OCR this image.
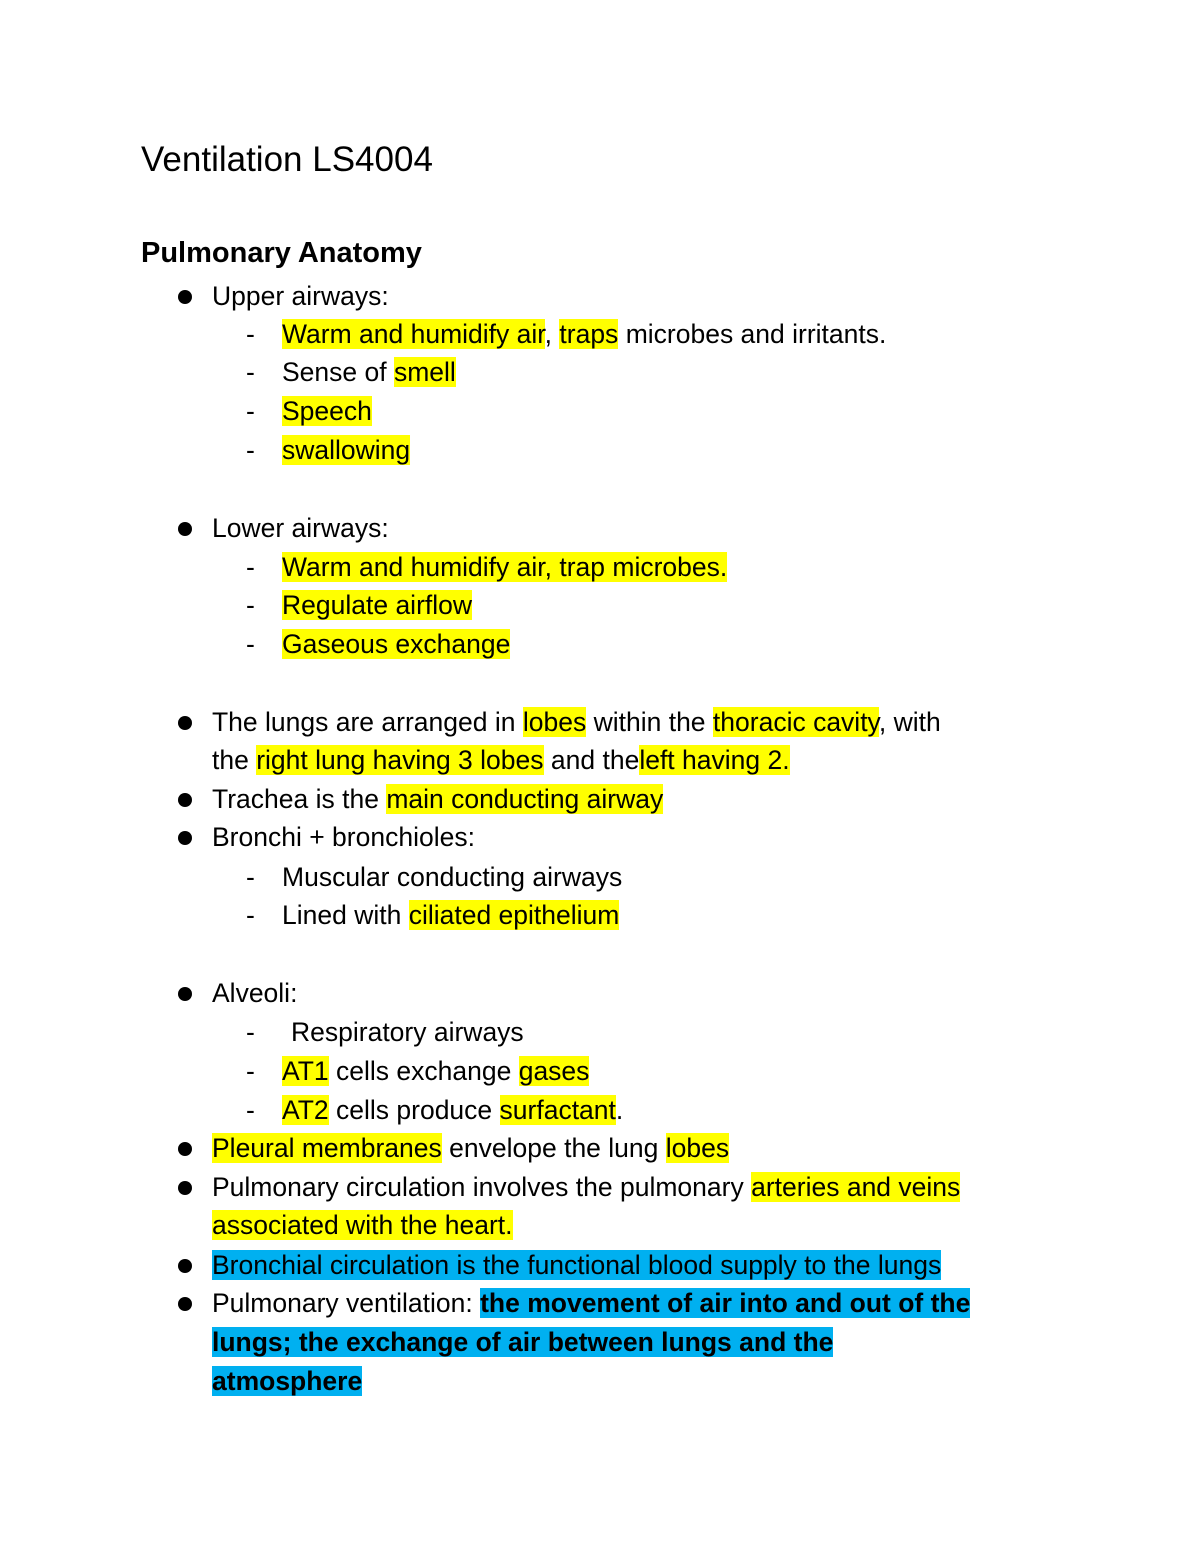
Ventilation LS4004
Pulmonary Anatomy
Upper airways:
- Warm and humidify air, traps microbes and irritants.
- Sense of smell
- Speech
- swallowing
Lower airways:
- Warm and humidify air, trap microbes.
- Regulate airflow
- Gaseous exchange
The lungs are arranged in lobes within the thoracic cavity, with
the right lung having 3 lobes and theleft having 2.
Trachea is the main conducting airway
Bronchi + bronchioles:
- Muscular conducting airways
- Lined with ciliated epithelium
Alveoli:
- Respiratory airways
- AT1 cells exchange gases
- AT2 cells produce surfactant.
Pleural membranes envelope the lung lobes
Pulmonary circulation involves the pulmonary arteries and veins
associated with the heart.
Bronchial circulation is the functional blood supply to the lungs
Pulmonary ventilation: the movement of air into and out of the
lungs; the exchange of air between lungs and the
atmosphere
